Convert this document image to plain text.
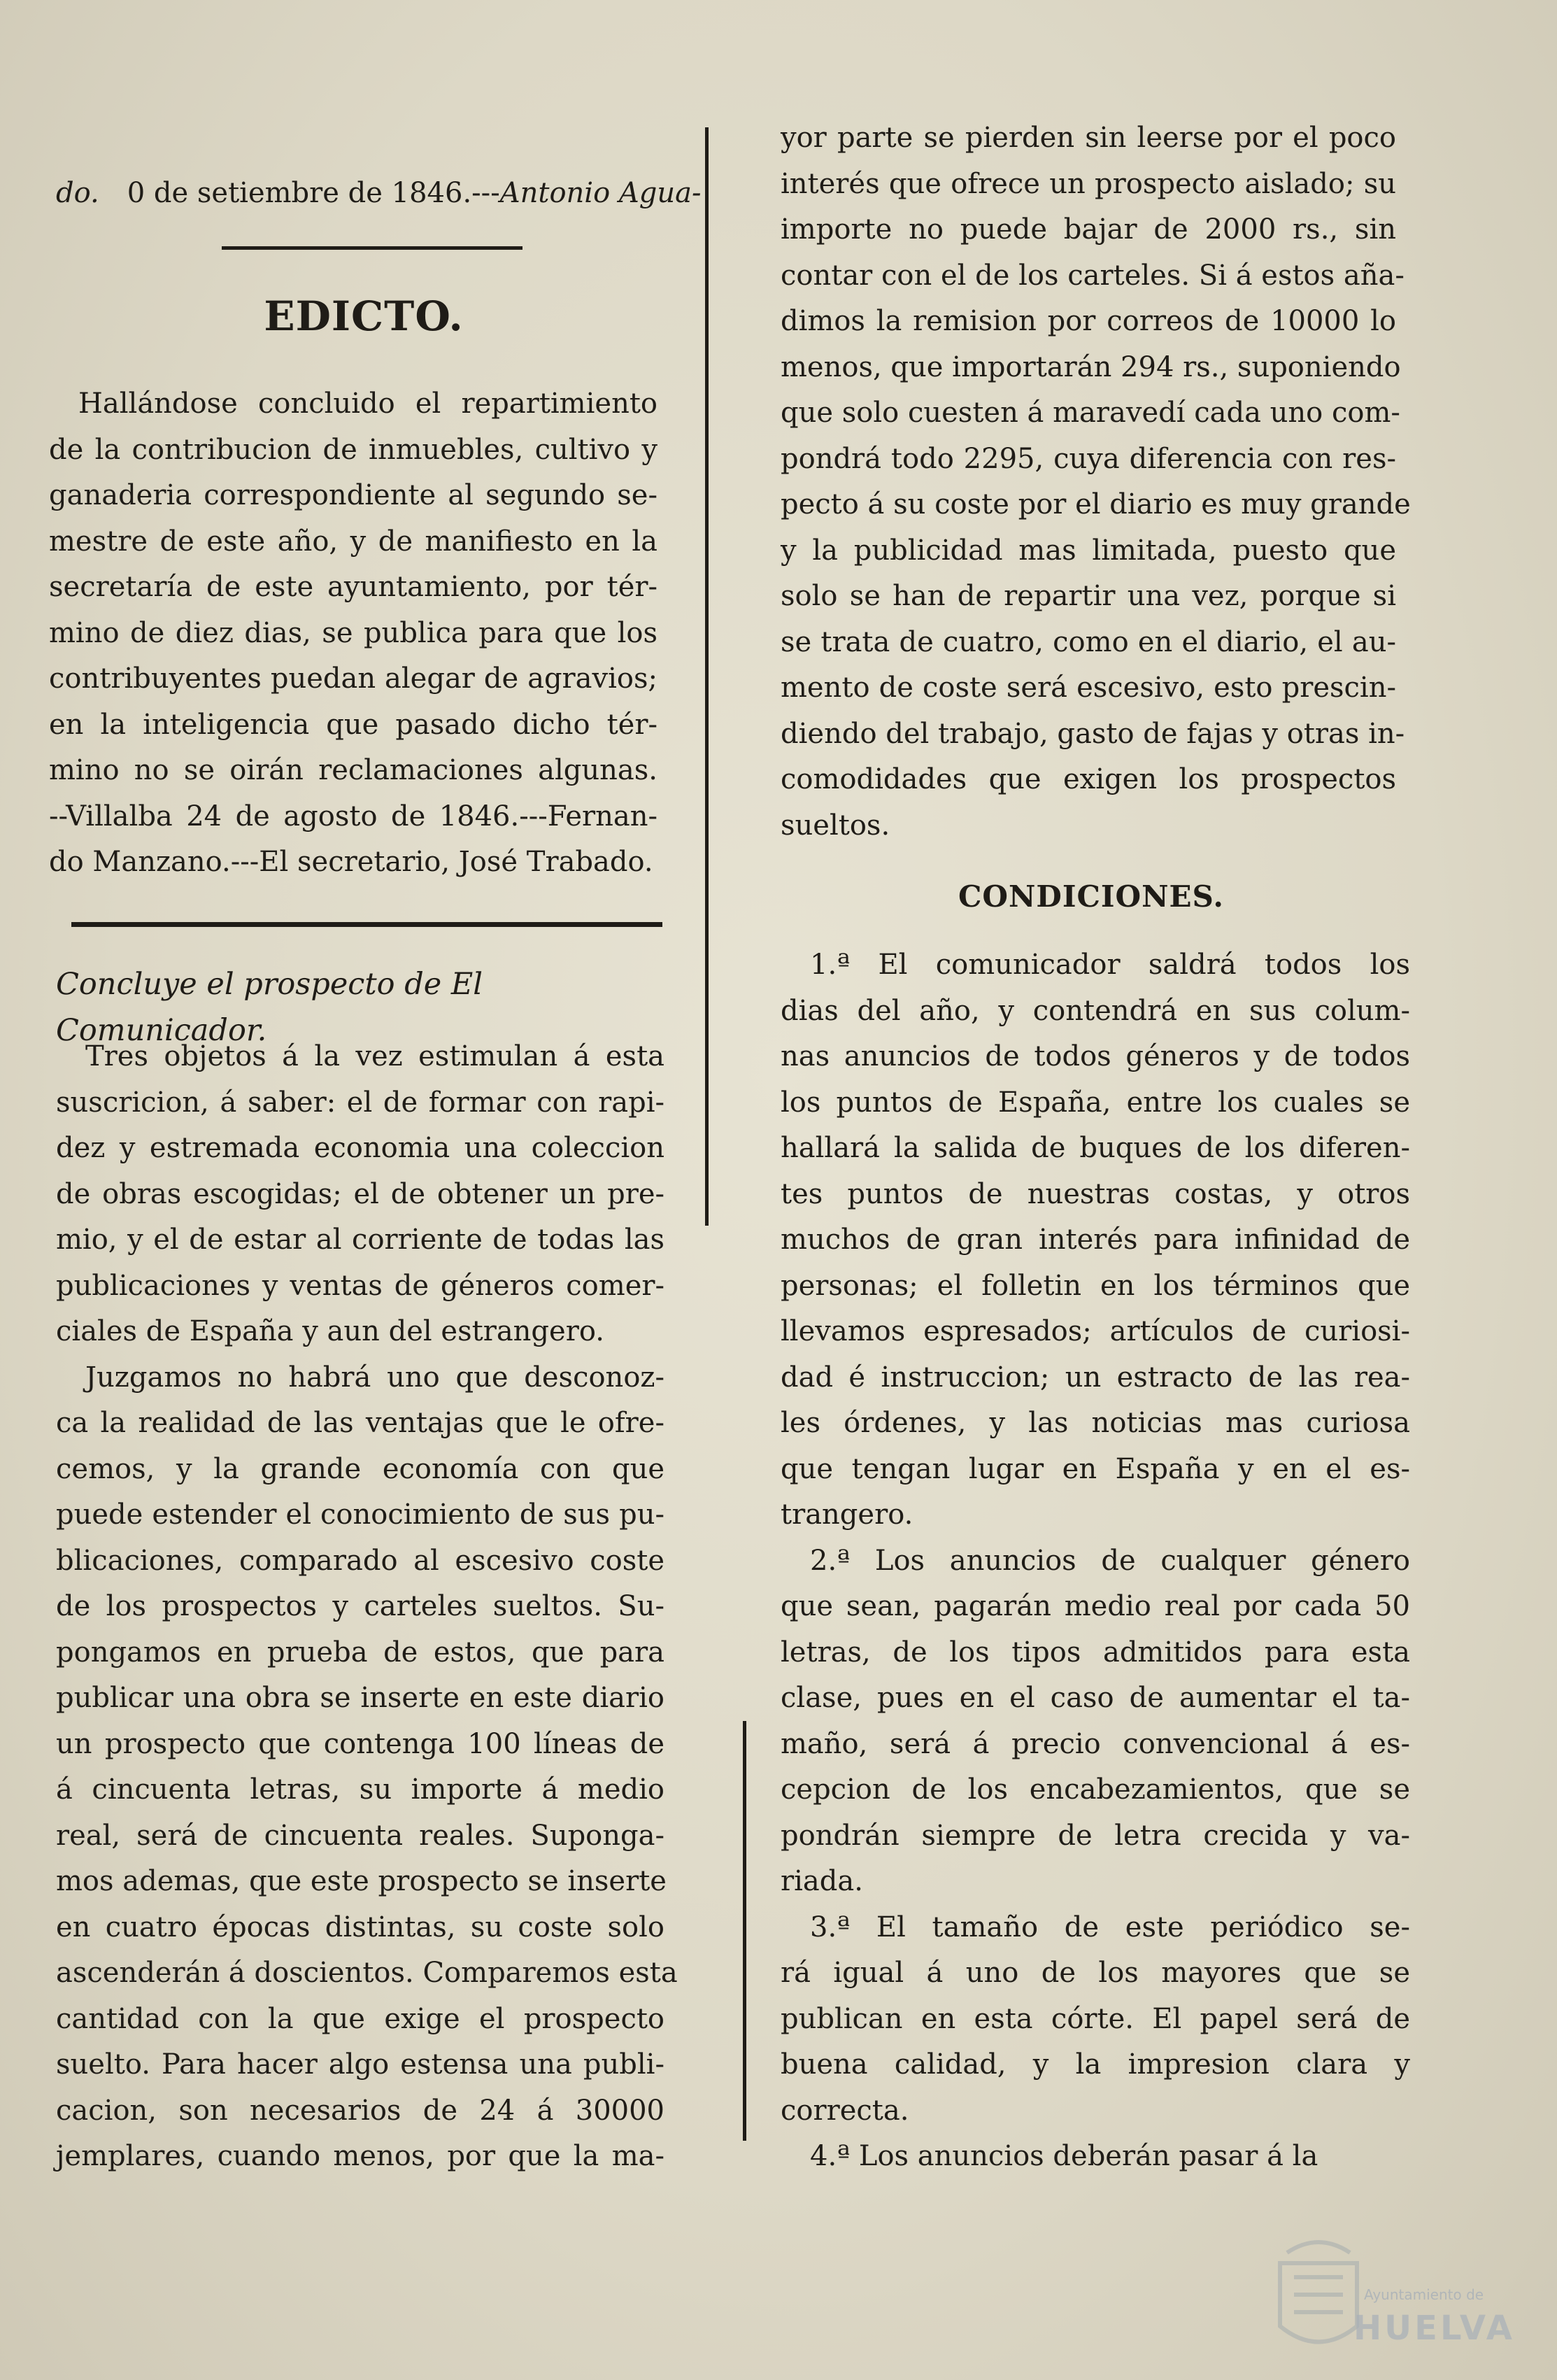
0 de setiembre de 1846.---Antonio Agua-

do.
EDICTO.
Hallándose concluido el repartimiento
de la contribucion de inmuebles, cultivo y
ganaderia correspondiente al segundo se-
mestre de este año, y de manifiesto en la
secretaría de este ayuntamiento, por tér-
mino de diez dias, se publica para que los
contribuyentes puedan alegar de agravios;
en la inteligencia que pasado dicho tér-
mino no se oirán reclamaciones algunas.
--Villalba 24 de agosto de 1846.---Fernan-
do Manzano.---El secretario, José Trabado.
Concluye el prospecto de El Comunicador.
Tres objetos á la vez estimulan á esta
suscricion, á saber: el de formar con rapi-
dez y estremada economia una coleccion
de obras escogidas; el de obtener un pre-
mio, y el de estar al corriente de todas las
publicaciones y ventas de géneros comer-
ciales de España y aun del estrangero.
Juzgamos no habrá uno que desconoz-
ca la realidad de las ventajas que le ofre-
cemos, y la grande economía con que
puede estender el conocimiento de sus pu-
blicaciones, comparado al escesivo coste
de los prospectos y carteles sueltos. Su-
pongamos en prueba de estos, que para
publicar una obra se inserte en este diario
un prospecto que contenga 100 líneas de
á cincuenta letras, su importe á medio
real, será de cincuenta reales. Suponga-
mos ademas, que este prospecto se inserte
en cuatro épocas distintas, su coste solo
ascenderán á doscientos. Comparemos esta
cantidad con la que exige el prospecto
suelto. Para hacer algo estensa una publi-
cacion, son necesarios de 24 á 30000
jemplares, cuando menos, por que la ma-
yor parte se pierden sin leerse por el poco
interés que ofrece un prospecto aislado; su
importe no puede bajar de 2000 rs., sin
contar con el de los carteles. Si á estos aña-
dimos la remision por correos de 10000 lo
menos, que importarán 294 rs., suponiendo
que solo cuesten á maravedí cada uno com-
pondrá todo 2295, cuya diferencia con res-
pecto á su coste por el diario es muy grande
y la publicidad mas limitada, puesto que
solo se han de repartir una vez, porque si
se trata de cuatro, como en el diario, el au-
mento de coste será escesivo, esto prescin-
diendo del trabajo, gasto de fajas y otras in-
comodidades que exigen los prospectos
sueltos.
CONDICIONES.
1.ª El comunicador saldrá todos los
dias del año, y contendrá en sus colum-
nas anuncios de todos géneros y de todos
los puntos de España, entre los cuales se
hallará la salida de buques de los diferen-
tes puntos de nuestras costas, y otros
muchos de gran interés para infinidad de
personas; el folletin en los términos que
llevamos espresados; artículos de curiosi-
dad é instruccion; un estracto de las rea-
les órdenes, y las noticias mas curiosa
que tengan lugar en España y en el es-
trangero.
2.ª Los anuncios de cualquer género
que sean, pagarán medio real por cada 50
letras, de los tipos admitidos para esta
clase, pues en el caso de aumentar el ta-
maño, será á precio convencional á es-
cepcion de los encabezamientos, que se
pondrán siempre de letra crecida y va-
riada.
3.ª El tamaño de este periódico se-
rá igual á uno de los mayores que se
publican en esta córte. El papel será de
buena calidad, y la impresion clara y
correcta.
4.ª Los anuncios deberán pasar á la
Ayuntamiento de
HUELVA
